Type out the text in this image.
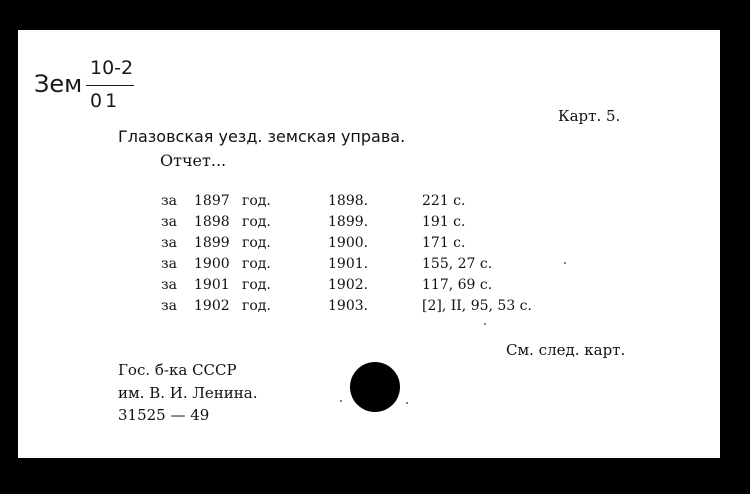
Зем
10-2
01
Карт. 5.
Глазовская уезд. земская управа.
Отчет...
за 1897 год.	1898.	221 с.
за 1898 год.	1899.	191 с.
за 1899 год.	1900.	171 с.
за 1900 год.	1901.	155, 27 с.
за 1901 год.	1902.	117, 69 с.
за 1902 год.	1903.	[2], II, 95, 53 с.
См. след. карт.
Гос. б-ка СССР
им. В. И. Ленина.
31525 — 49
